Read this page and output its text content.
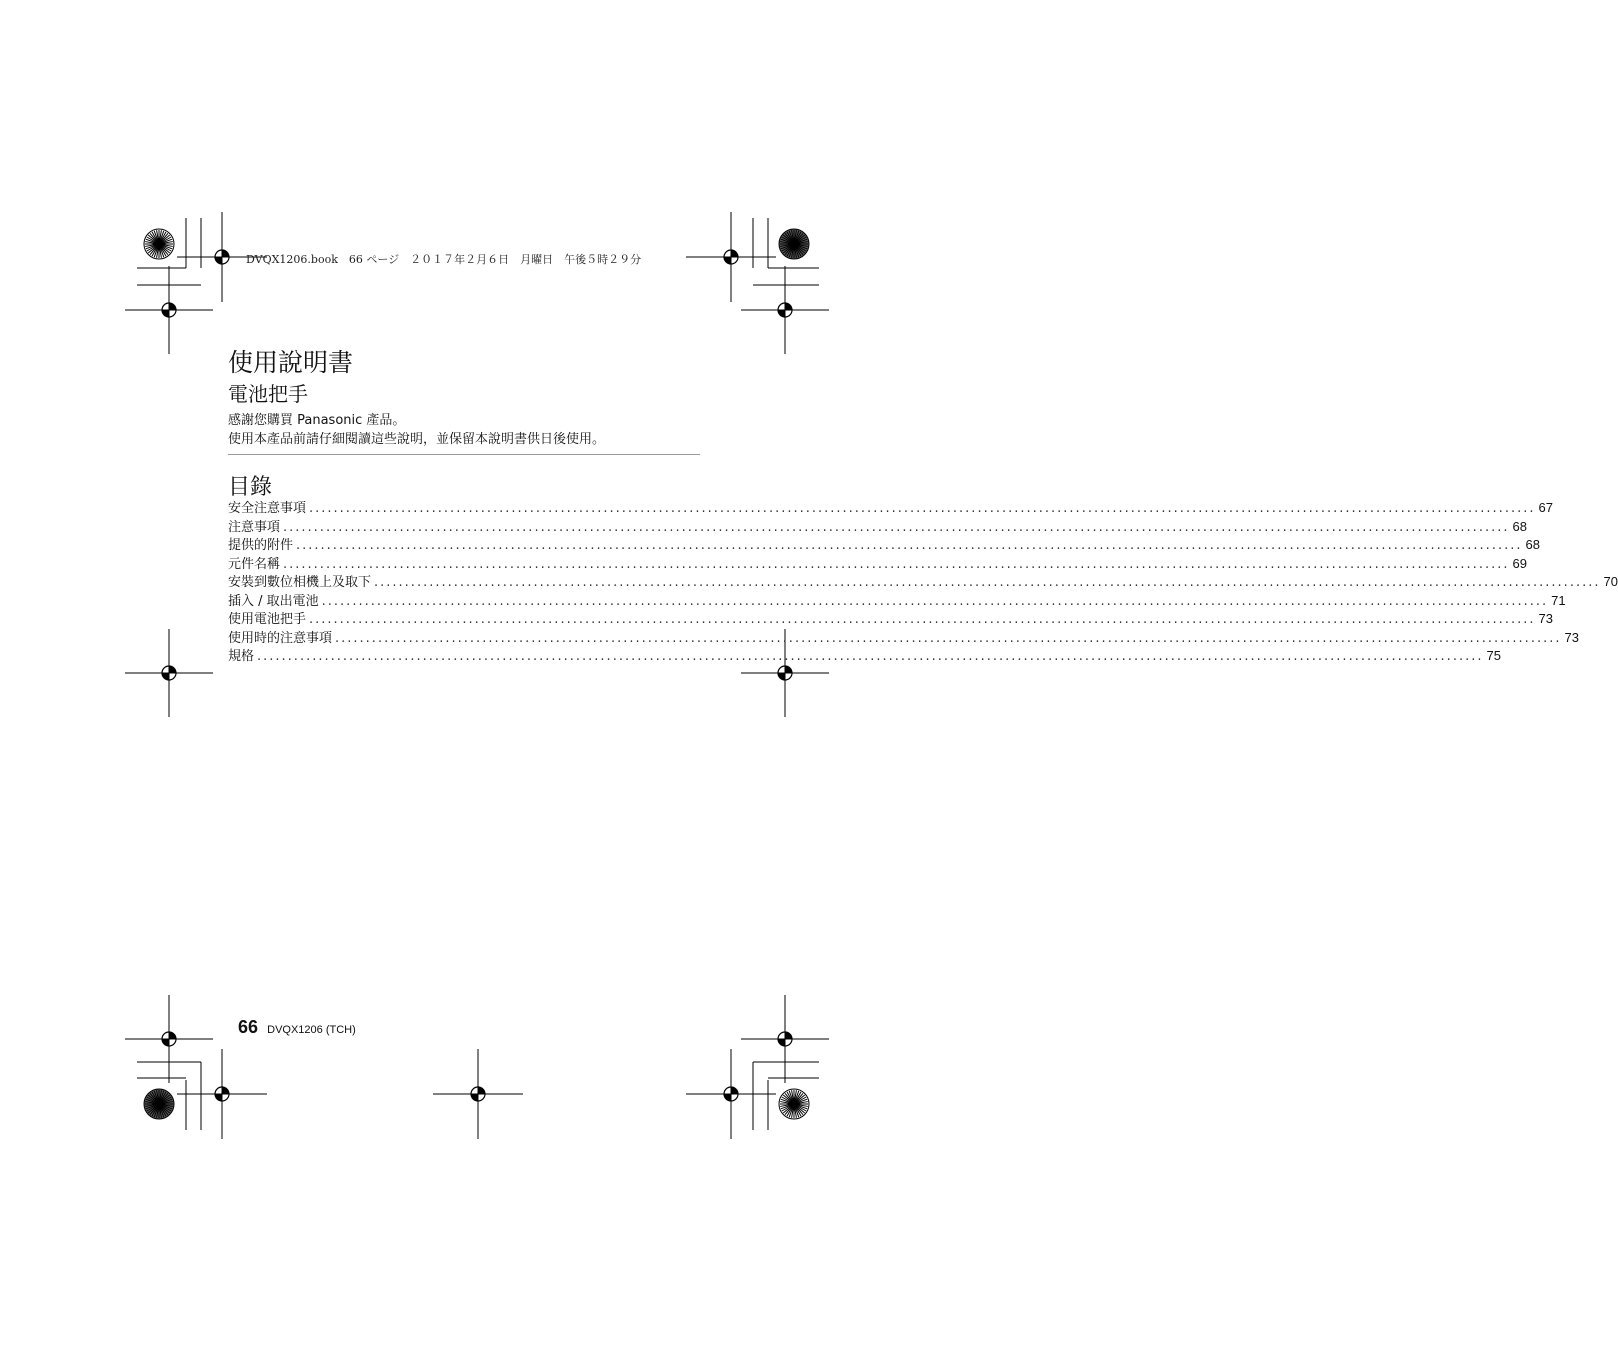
DVQX1206.book　66 ページ　２０１７年２月６日　月曜日　午後５時２９分
使用說明書
電池把手
感謝您購買 Panasonic 產品。
使用本產品前請仔細閱讀這些說明，並保留本說明書供日後使用。
目錄
安全注意事項 ........................................................................................................................................................................................................ 67
注意事項 ........................................................................................................................................................................................................ 68
提供的附件 ........................................................................................................................................................................................................ 68
元件名稱 ........................................................................................................................................................................................................ 69
安裝到數位相機上及取下 ........................................................................................................................................................................................................ 70
插入 / 取出電池 ........................................................................................................................................................................................................ 71
使用電池把手 ........................................................................................................................................................................................................ 73
使用時的注意事項 ........................................................................................................................................................................................................ 73
規格 ........................................................................................................................................................................................................ 75
66 DVQX1206 (TCH)
